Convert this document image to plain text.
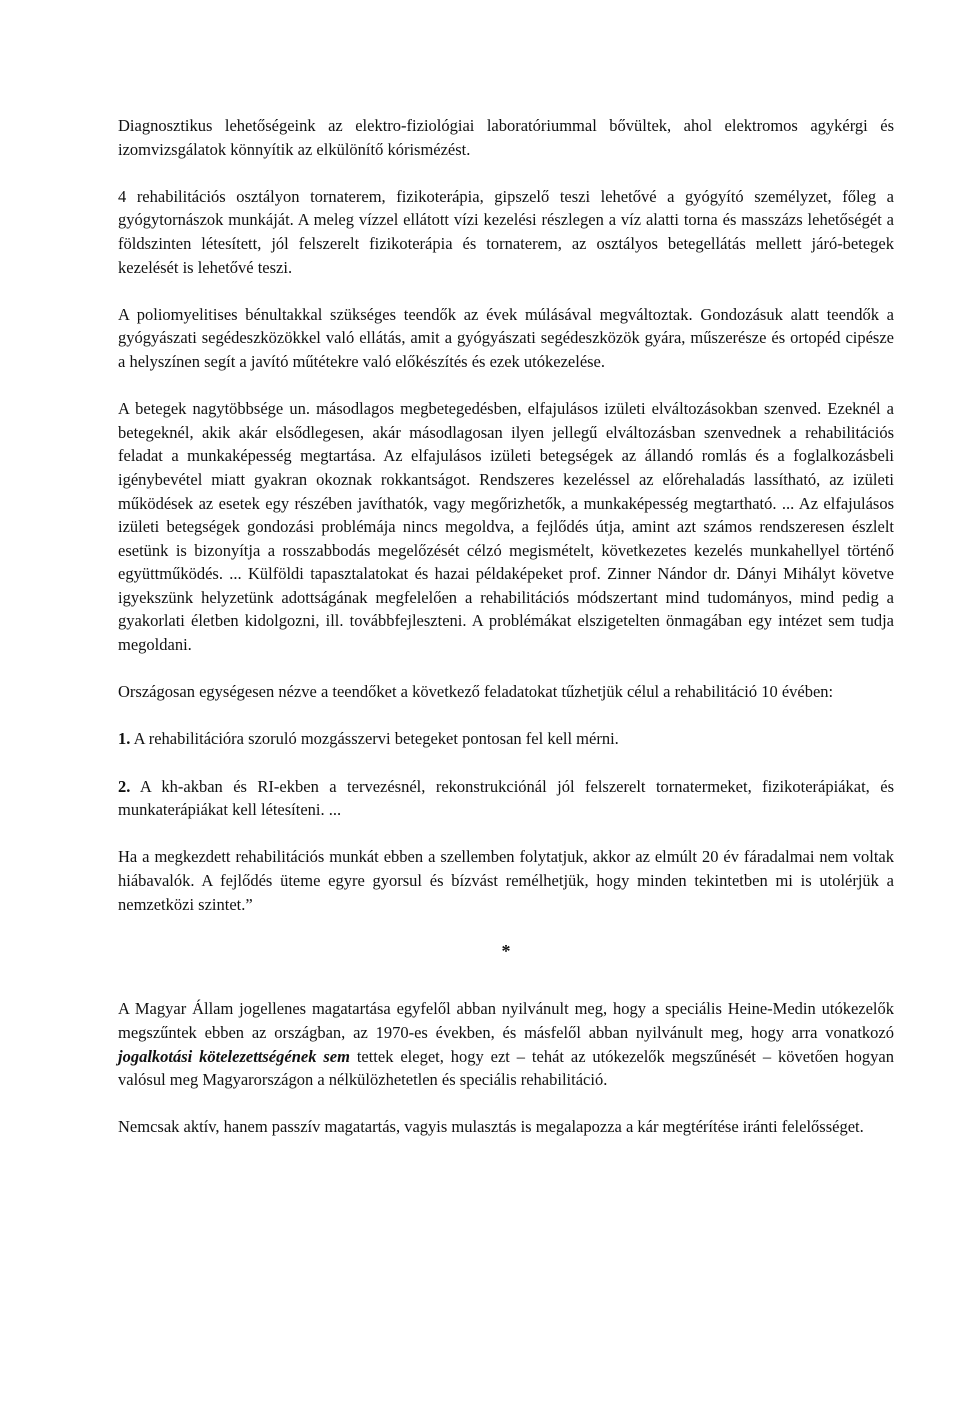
Diagnosztikus lehetőségeink az elektro-fiziológiai laboratóriummal bővültek, ahol elektromos agykérgi és izomvizsgálatok könnyítik az elkülönítő kórismézést.

4 rehabilitációs osztályon tornaterem, fizikoterápia, gipszelő teszi lehetővé a gyógyító személyzet, főleg a gyógytornászok munkáját. A meleg vízzel ellátott vízi kezelési részlegen a víz alatti torna és masszázs lehetőségét a földszinten létesített, jól felszerelt fizikoterápia és tornaterem, az osztályos betegellátás mellett járó-betegek kezelését is lehetővé teszi.

A poliomyelitises bénultakkal szükséges teendők az évek múlásával megváltoztak. Gondozásuk alatt teendők a gyógyászati segédeszközökkel való ellátás, amit a gyógyászati segédeszközök gyára, műszerésze és ortopéd cipésze a helyszínen segít a javító műtétekre való előkészítés és ezek utókezelése.

A betegek nagytöbbsége un. másodlagos megbetegedésben, elfajulásos izületi elváltozásokban szenved. Ezeknél a betegeknél, akik akár elsődlegesen, akár másodlagosan ilyen jellegű elváltozásban szenvednek a rehabilitációs feladat a munkaképesség megtartása. Az elfajulásos izületi betegségek az állandó romlás és a foglalkozásbeli igénybevétel miatt gyakran okoznak rokkantságot. Rendszeres kezeléssel az előrehaladás lassítható, az izületi működések az esetek egy részében javíthatók, vagy megőrizhetők, a munkaképesség megtartható. ... Az elfajulásos izületi betegségek gondozási problémája nincs megoldva, a fejlődés útja, amint azt számos rendszeresen észlelt esetünk is bizonyítja a rosszabbodás megelőzését célzó megismételt, következetes kezelés munkahellyel történő együttműködés. ... Külföldi tapasztalatokat és hazai példaképeket prof. Zinner Nándor dr. Dányi Mihályt követve igyekszünk helyzetünk adottságának megfelelően a rehabilitációs módszertant mind tudományos, mind pedig a gyakorlati életben kidolgozni, ill. továbbfejleszteni. A problémákat elszigetelten önmagában egy intézet sem tudja megoldani.

Országosan egységesen nézve a teendőket a következő feladatokat tűzhetjük célul a rehabilitáció 10 évében:

1. A rehabilitációra szoruló mozgásszervi betegeket pontosan fel kell mérni.

2. A kh-akban és RI-ekben a tervezésnél, rekonstrukciónál jól felszerelt tornatermeket, fizikoterápiákat, és munkaterápiákat kell létesíteni. ...

Ha a megkezdett rehabilitációs munkát ebben a szellemben folytatjuk, akkor az elmúlt 20 év fáradalmai nem voltak hiábavalók. A fejlődés üteme egyre gyorsul és bízvást remélhetjük, hogy minden tekintetben mi is utolérjük a nemzetközi szintet.”

*

A Magyar Állam jogellenes magatartása egyfelől abban nyilvánult meg, hogy a speciális Heine-Medin utókezelők megszűntek ebben az országban, az 1970-es években, és másfelől abban nyilvánult meg, hogy arra vonatkozó jogalkotási kötelezettségének sem tettek eleget, hogy ezt – tehát az utókezelők megszűnését – követően hogyan valósul meg Magyarországon a nélkülözhetetlen és speciális rehabilitáció.

Nemcsak aktív, hanem passzív magatartás, vagyis mulasztás is megalapozza a kár megtérítése iránti felelősséget.
